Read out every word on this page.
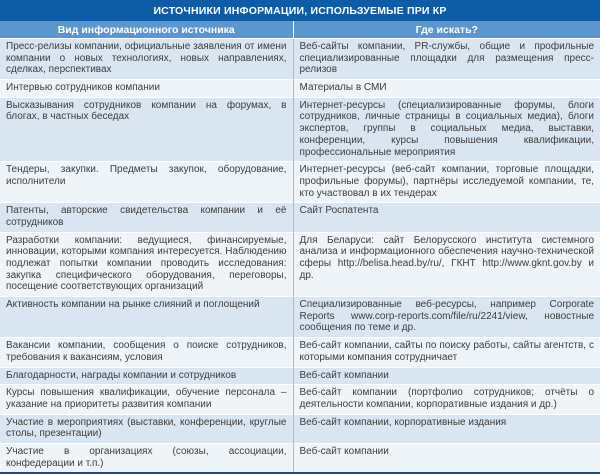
ИСТОЧНИКИ ИНФОРМАЦИИ, ИСПОЛЬЗУЕМЫЕ ПРИ КР	
Вид информационного источника	Где искать?
Пресс-релизы компании, официальные заявления от имени компании о новых технологиях, новых направлениях, сделках, перспективах	Веб-сайты компании, PR-службы, общие и профильные специализированные площадки для размещения пресс-релизов
Интервью сотрудников компании	Материалы в СМИ
Высказывания сотрудников компании на форумах, в блогах, в частных беседах	Интернет-ресурсы (специализированные форумы, блоги сотрудников, личные страницы в социальных медиа), блоги экспертов, группы в социальных медиа, выставки, конференции, курсы повышения квалификации, профессиональные мероприятия
Тендеры, закупки. Предметы закупок, оборудование, исполнители	Интернет-ресурсы (веб-сайт компании, торговые площадки, профильные форумы), партнёры исследуемой компании, те, кто участвовал в их тендерах
Патенты, авторские свидетельства компании и её сотрудников	Сайт Роспатента
Разработки компании: ведущиеся, финансируемые, инновации, которыми компания интересуется. Наблюдению подлежат попытки компании проводить исследования: закупка специфического оборудования, переговоры, посещение соответствующих организаций	Для Беларуси: сайт Белорусского института системного анализа и информационного обеспечения научно-технической сферы http://belisa.head.by/ru/, ГКНТ http://www.gknt.gov.by и др.
Активность компании на рынке слияний и поглощений	Специализированные веб-ресурсы, например Corporate Reports www.corp-reports.com/file/ru/2241/view, новостные сообщения по теме и др.
Вакансии компании, сообщения о поиске сотрудников, требования к вакансиям, условия	Веб-сайт компании, сайты по поиску работы, сайты агентств, с которыми компания сотрудничает
Благодарности, награды компании и сотрудников	Веб-сайт компании
Курсы повышения квалификации, обучение персонала – указание на приоритеты развития компании	Веб-сайт компании (портфолио сотрудников; отчёты о деятельности компании, корпоративные издания и др.)
Участие в мероприятиях (выставки, конференции, круглые столы, презентации)	Веб-сайт компании, корпоративные издания
Участие в организациях (союзы, ассоциации, конфедерации и т.п.)	Веб-сайт компании
